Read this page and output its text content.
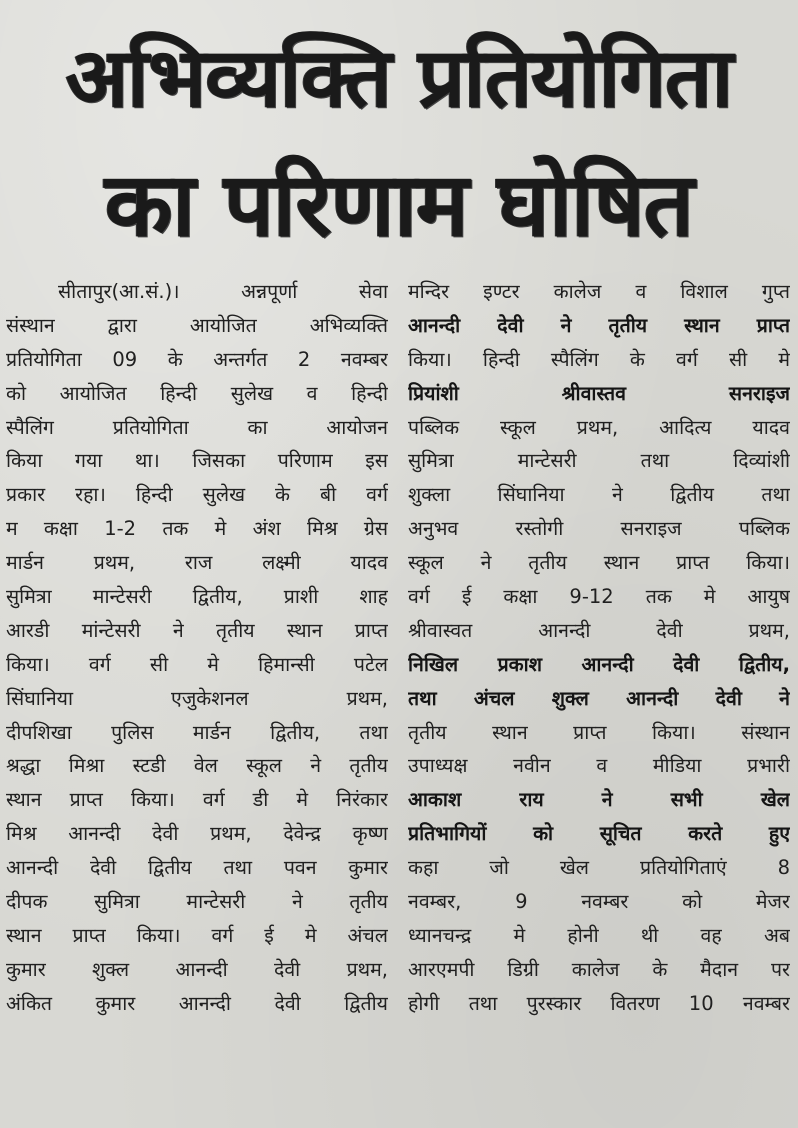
अभिव्यक्ति प्रतियोगिता
का परिणाम घोषित
सीतापुर(आ.सं.)। अन्नपूर्णा सेवा
संस्थान द्वारा आयोजित अभिव्यक्ति
प्रतियोगिता 09 के अन्तर्गत 2 नवम्बर
को आयोजित हिन्दी सुलेख व हिन्दी
स्पैलिंग प्रतियोगिता का आयोजन
किया गया था। जिसका परिणाम इस
प्रकार रहा। हिन्दी सुलेख के बी वर्ग
म कक्षा 1-2 तक मे अंश मिश्र ग्रेस
मार्डन प्रथम, राज लक्ष्मी यादव
सुमित्रा मान्टेसरी द्वितीय, प्राशी शाह
आरडी मांन्टेसरी ने तृतीय स्थान प्राप्त
किया। वर्ग सी मे हिमान्सी पटेल
सिंघानिया एजुकेशनल प्रथम,
दीपशिखा पुलिस मार्डन द्वितीय, तथा
श्रद्धा मिश्रा स्टडी वेल स्कूल ने तृतीय
स्थान प्राप्त किया। वर्ग डी मे निरंकार
मिश्र आनन्दी देवी प्रथम, देवेन्द्र कृष्ण
आनन्दी देवी द्वितीय तथा पवन कुमार
दीपक सुमित्रा मान्टेसरी ने तृतीय
स्थान प्राप्त किया। वर्ग ई मे अंचल
कुमार शुक्ल आनन्दी देवी प्रथम,
अंकित कुमार आनन्दी देवी द्वितीय
मन्दिर इण्टर कालेज व विशाल गुप्त
आनन्दी देवी ने तृतीय स्थान प्राप्त
किया। हिन्दी स्पैलिंग के वर्ग सी मे
प्रियांशी श्रीवास्तव सनराइज
पब्लिक स्कूल प्रथम, आदित्य यादव
सुमित्रा मान्टेसरी तथा दिव्यांशी
शुक्ला सिंघानिया ने द्वितीय तथा
अनुभव रस्तोगी सनराइज पब्लिक
स्कूल ने तृतीय स्थान प्राप्त किया।
वर्ग ई कक्षा 9-12 तक मे आयुष
श्रीवास्वत आनन्दी देवी प्रथम,
निखिल प्रकाश आनन्दी देवी द्वितीय,
तथा अंचल शुक्ल आनन्दी देवी ने
तृतीय स्थान प्राप्त किया। संस्थान
उपाध्यक्ष नवीन व मीडिया प्रभारी
आकाश राय ने सभी खेल
प्रतिभागियों को सूचित करते हुए
कहा जो खेल प्रतियोगिताएं 8
नवम्बर, 9 नवम्बर को मेजर
ध्यानचन्द्र मे होनी थी वह अब
आरएमपी डिग्री कालेज के मैदान पर
होगी तथा पुरस्कार वितरण 10 नवम्बर
